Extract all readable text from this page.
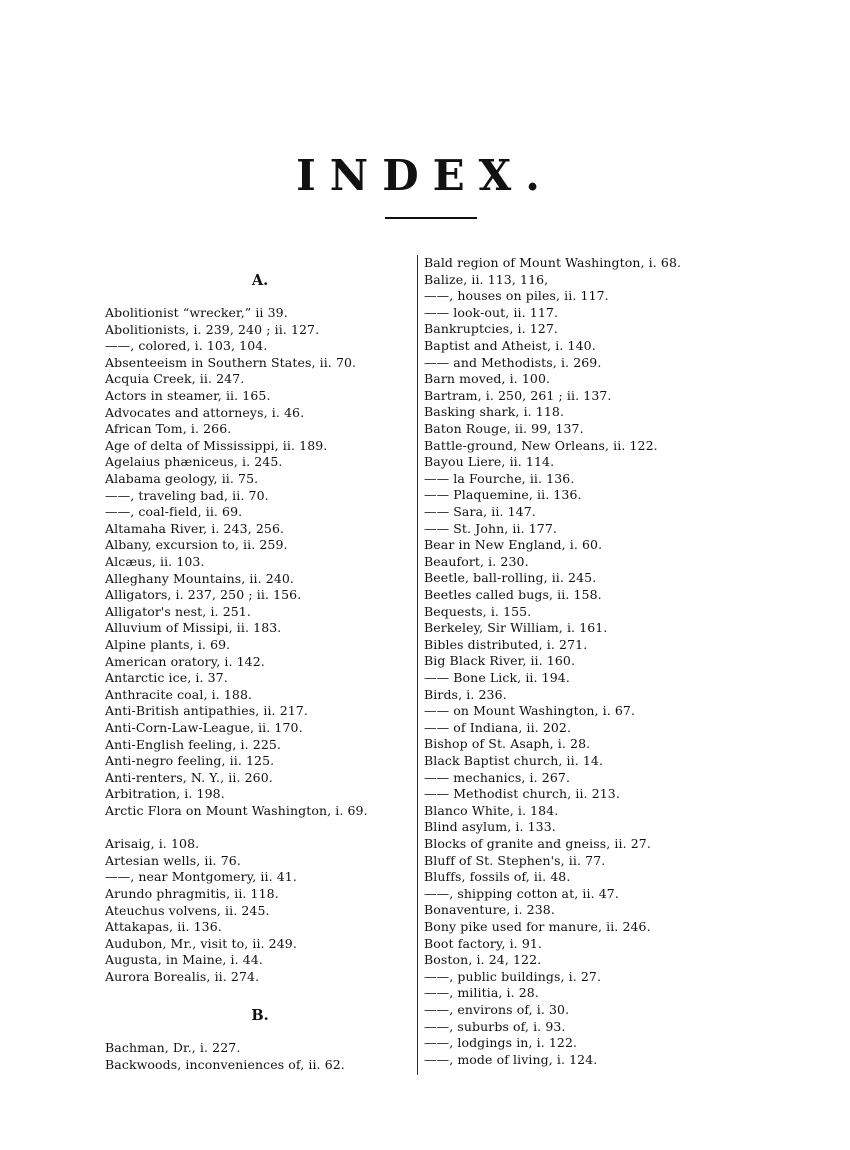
INDEX.
A.
Abolitionist “wrecker,” ii 39.
Abolitionists, i. 239, 240 ; ii. 127.
——, colored, i. 103, 104.
Absenteeism in Southern States, ii. 70.
Acquia Creek, ii. 247.
Actors in steamer, ii. 165.
Advocates and attorneys, i. 46.
African Tom, i. 266.
Age of delta of Mississippi, ii. 189.
Agelaius phæniceus, i. 245.
Alabama geology, ii. 75.
——, traveling bad, ii. 70.
——, coal-field, ii. 69.
Altamaha River, i. 243, 256.
Albany, excursion to, ii. 259.
Alcæus, ii. 103.
Alleghany Mountains, ii. 240.
Alligators, i. 237, 250 ; ii. 156.
Alligator's nest, i. 251.
Alluvium of Missipi, ii. 183.
Alpine plants, i. 69.
American oratory, i. 142.
Antarctic ice, i. 37.
Anthracite coal, i. 188.
Anti-British antipathies, ii. 217.
Anti-Corn-Law-League, ii. 170.
Anti-English feeling, i. 225.
Anti-negro feeling, ii. 125.
Anti-renters, N. Y., ii. 260.
Arbitration, i. 198.
Arctic Flora on Mount Washington, i. 69.
Arisaig, i. 108.
Artesian wells, ii. 76.
——, near Montgomery, ii. 41.
Arundo phragmitis, ii. 118.
Ateuchus volvens, ii. 245.
Attakapas, ii. 136.
Audubon, Mr., visit to, ii. 249.
Augusta, in Maine, i. 44.
Aurora Borealis, ii. 274.
B.
Bachman, Dr., i. 227.
Backwoods, inconveniences of, ii. 62.
Bald region of Mount Washington, i. 68.
Balize, ii. 113, 116,
——, houses on piles, ii. 117.
—— look-out, ii. 117.
Bankruptcies, i. 127.
Baptist and Atheist, i. 140.
—— and Methodists, i. 269.
Barn moved, i. 100.
Bartram, i. 250, 261 ; ii. 137.
Basking shark, i. 118.
Baton Rouge, ii. 99, 137.
Battle-ground, New Orleans, ii. 122.
Bayou Liere, ii. 114.
—— la Fourche, ii. 136.
—— Plaquemine, ii. 136.
—— Sara, ii. 147.
—— St. John, ii. 177.
Bear in New England, i. 60.
Beaufort, i. 230.
Beetle, ball-rolling, ii. 245.
Beetles called bugs, ii. 158.
Bequests, i. 155.
Berkeley, Sir William, i. 161.
Bibles distributed, i. 271.
Big Black River, ii. 160.
—— Bone Lick, ii. 194.
Birds, i. 236.
—— on Mount Washington, i. 67.
—— of Indiana, ii. 202.
Bishop of St. Asaph, i. 28.
Black Baptist church, ii. 14.
—— mechanics, i. 267.
—— Methodist church, ii. 213.
Blanco White, i. 184.
Blind asylum, i. 133.
Blocks of granite and gneiss, ii. 27.
Bluff of St. Stephen's, ii. 77.
Bluffs, fossils of, ii. 48.
——, shipping cotton at, ii. 47.
Bonaventure, i. 238.
Bony pike used for manure, ii. 246.
Boot factory, i. 91.
Boston, i. 24, 122.
——, public buildings, i. 27.
——, militia, i. 28.
——, environs of, i. 30.
——, suburbs of, i. 93.
——, lodgings in, i. 122.
——, mode of living, i. 124.
